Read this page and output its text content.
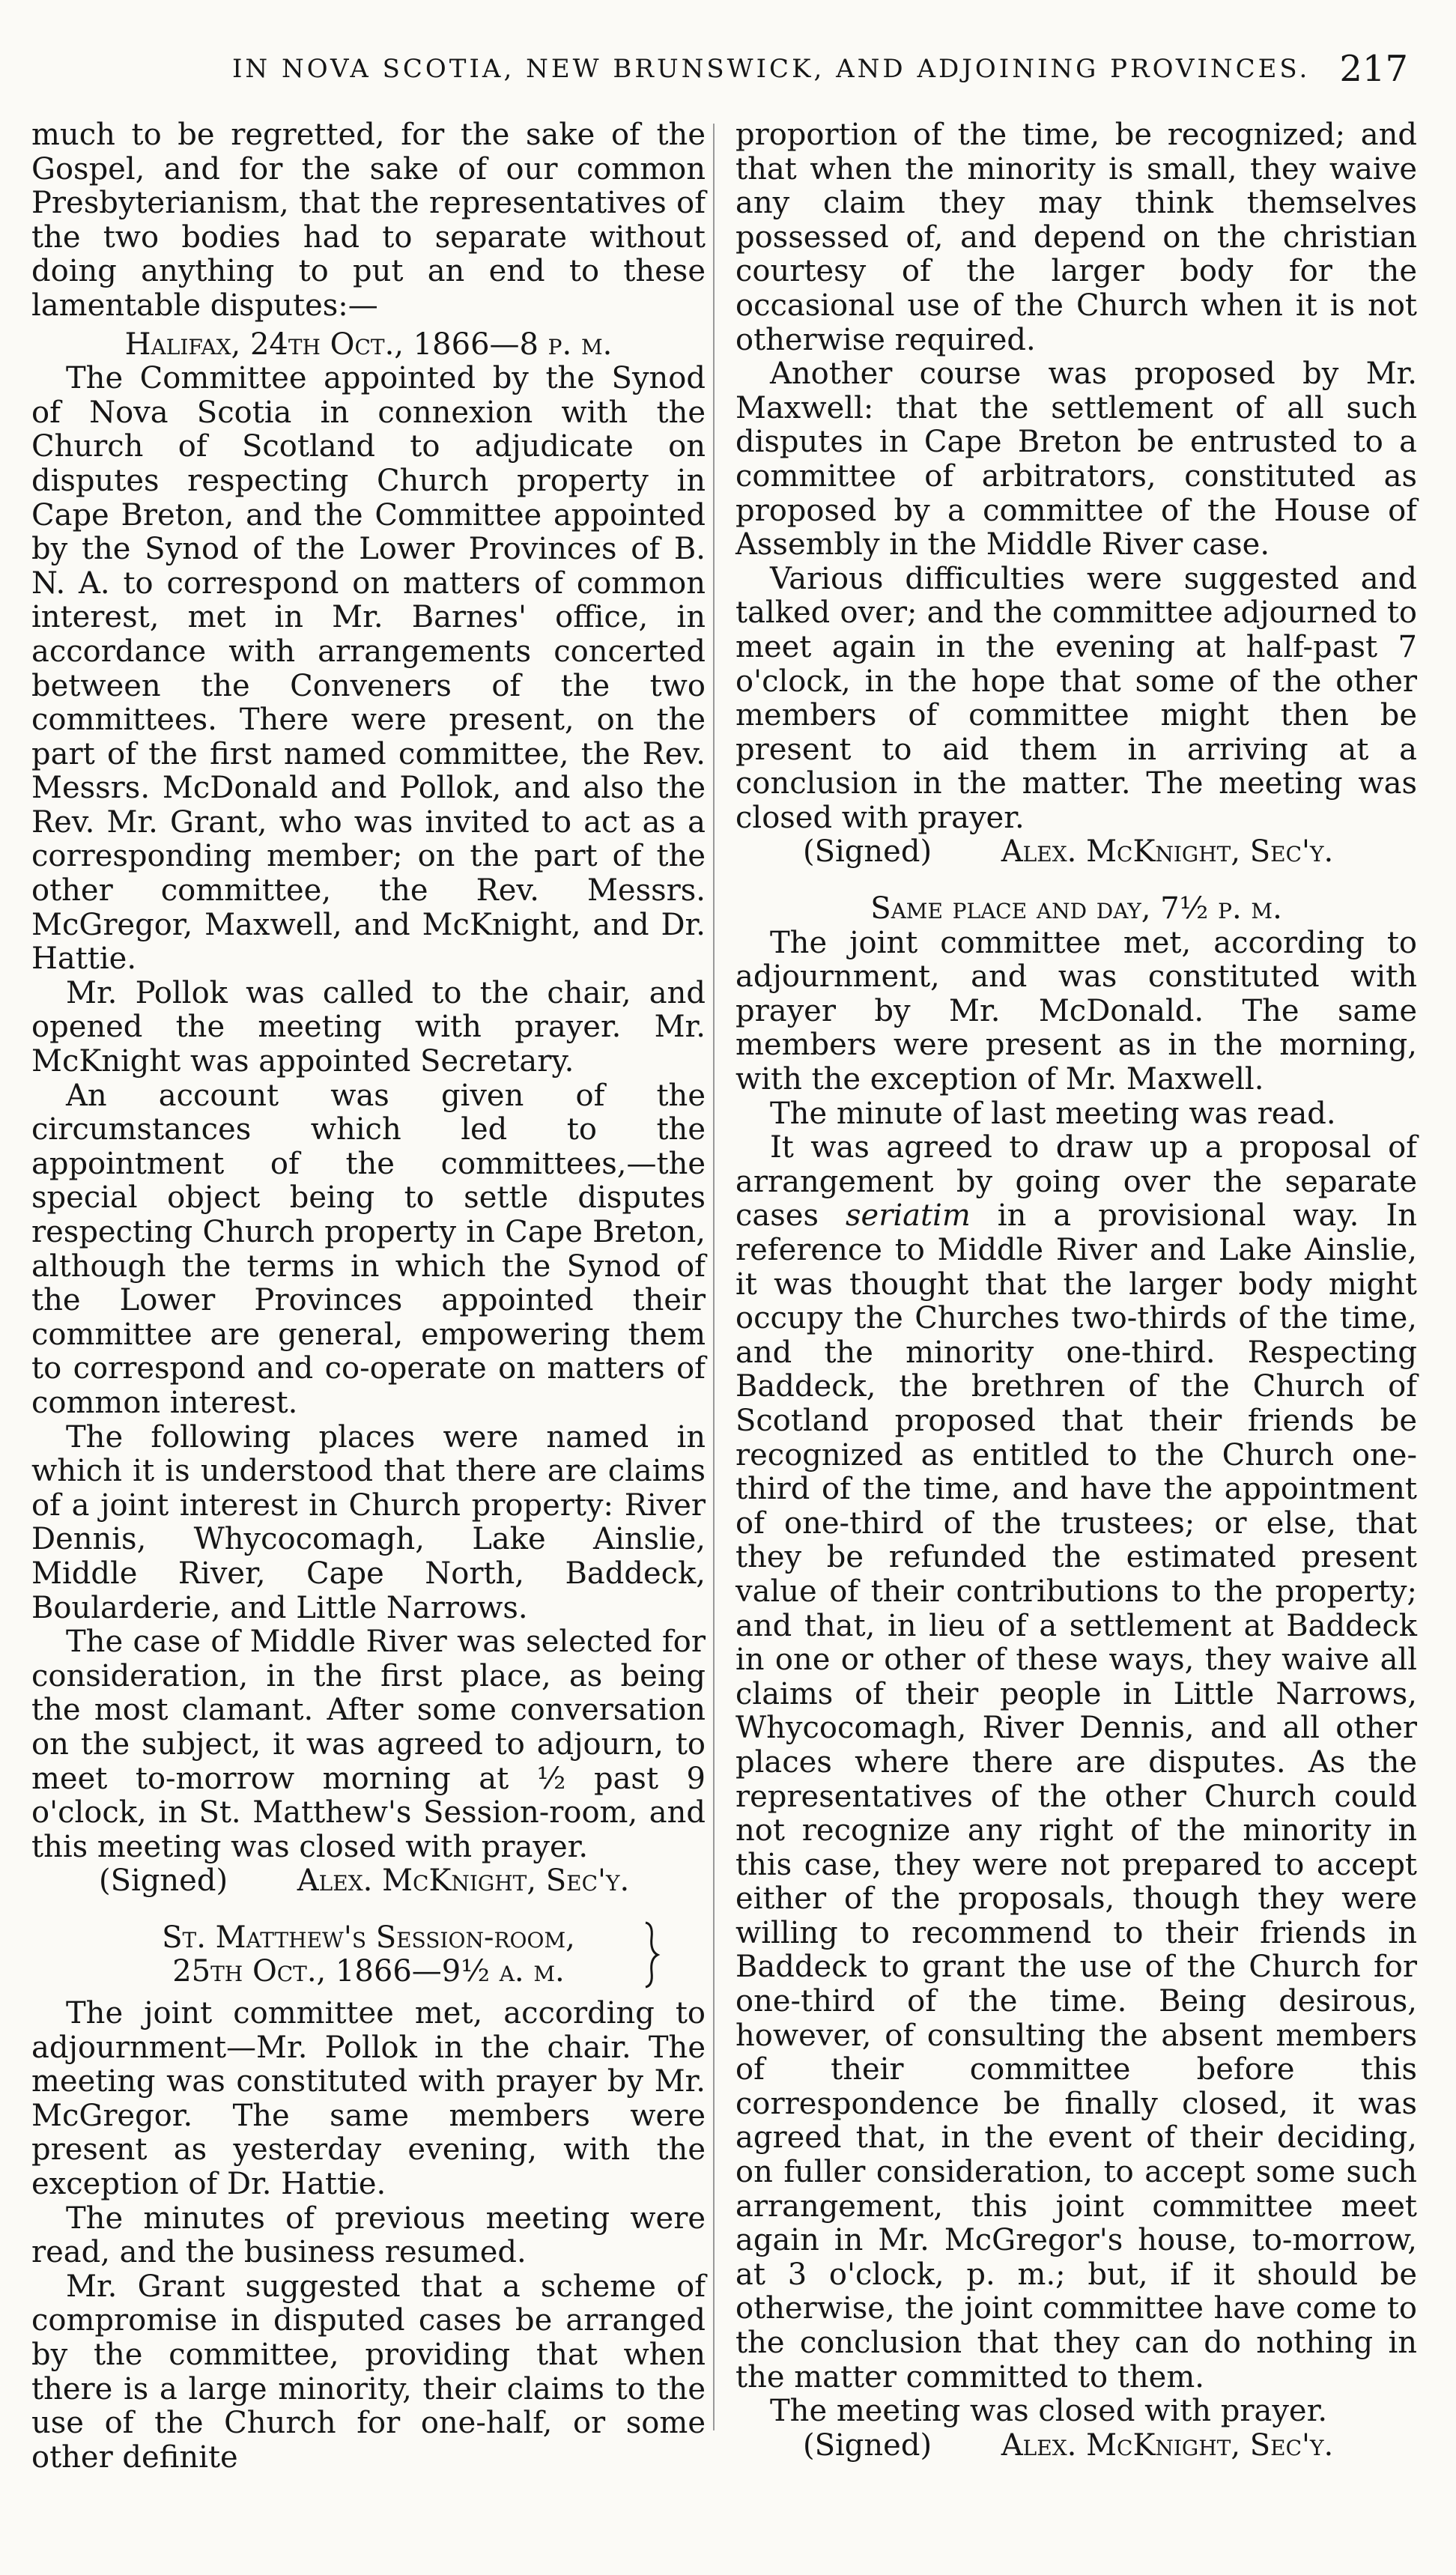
IN NOVA SCOTIA, NEW BRUNSWICK, AND ADJOINING PROVINCES. 217

much to be regretted, for the sake of the Gospel, and for the sake of our common Presbyterianism, that the representatives of the two bodies had to separate without doing anything to put an end to these lamentable disputes:—

Halifax, 24th Oct., 1866—8 p. m.

The Committee appointed by the Synod of Nova Scotia in connexion with the Church of Scotland to adjudicate on disputes respecting Church property in Cape Breton, and the Committee appointed by the Synod of the Lower Provinces of B. N. A. to correspond on matters of common interest, met in Mr. Barnes' office, in accordance with arrangements concerted between the Conveners of the two committees. There were present, on the part of the first named committee, the Rev. Messrs. McDonald and Pollok, and also the Rev. Mr. Grant, who was invited to act as a corresponding member; on the part of the other committee, the Rev. Messrs. McGregor, Maxwell, and McKnight, and Dr. Hattie.

Mr. Pollok was called to the chair, and opened the meeting with prayer. Mr. McKnight was appointed Secretary.

An account was given of the circumstances which led to the appointment of the committees,—the special object being to settle disputes respecting Church property in Cape Breton, although the terms in which the Synod of the Lower Provinces appointed their committee are general, empowering them to correspond and co-operate on matters of common interest.

The following places were named in which it is understood that there are claims of a joint interest in Church property: River Dennis, Whycocomagh, Lake Ainslie, Middle River, Cape North, Baddeck, Boularderie, and Little Narrows.

The case of Middle River was selected for consideration, in the first place, as being the most clamant. After some conversation on the subject, it was agreed to adjourn, to meet to-morrow morning at ½ past 9 o'clock, in St. Matthew's Session-room, and this meeting was closed with prayer.

(Signed) Alex. McKnight, Sec'y.

St. Matthew's Session-room,
25th Oct., 1866—9½ a. m.

The joint committee met, according to adjournment—Mr. Pollok in the chair. The meeting was constituted with prayer by Mr. McGregor. The same members were present as yesterday evening, with the exception of Dr. Hattie.

The minutes of previous meeting were read, and the business resumed.

Mr. Grant suggested that a scheme of compromise in disputed cases be arranged by the committee, providing that when there is a large minority, their claims to the use of the Church for one-half, or some other definite

proportion of the time, be recognized; and that when the minority is small, they waive any claim they may think themselves possessed of, and depend on the christian courtesy of the larger body for the occasional use of the Church when it is not otherwise required.

Another course was proposed by Mr. Maxwell: that the settlement of all such disputes in Cape Breton be entrusted to a committee of arbitrators, constituted as proposed by a committee of the House of Assembly in the Middle River case.

Various difficulties were suggested and talked over; and the committee adjourned to meet again in the evening at half-past 7 o'clock, in the hope that some of the other members of committee might then be present to aid them in arriving at a conclusion in the matter. The meeting was closed with prayer.

(Signed) Alex. McKnight, Sec'y.

Same place and day, 7½ p. m.

The joint committee met, according to adjournment, and was constituted with prayer by Mr. McDonald. The same members were present as in the morning, with the exception of Mr. Maxwell.

The minute of last meeting was read.

It was agreed to draw up a proposal of arrangement by going over the separate cases seriatim in a provisional way. In reference to Middle River and Lake Ainslie, it was thought that the larger body might occupy the Churches two-thirds of the time, and the minority one-third. Respecting Baddeck, the brethren of the Church of Scotland proposed that their friends be recognized as entitled to the Church one-third of the time, and have the appointment of one-third of the trustees; or else, that they be refunded the estimated present value of their contributions to the property; and that, in lieu of a settlement at Baddeck in one or other of these ways, they waive all claims of their people in Little Narrows, Whycocomagh, River Dennis, and all other places where there are disputes. As the representatives of the other Church could not recognize any right of the minority in this case, they were not prepared to accept either of the proposals, though they were willing to recommend to their friends in Baddeck to grant the use of the Church for one-third of the time. Being desirous, however, of consulting the absent members of their committee before this correspondence be finally closed, it was agreed that, in the event of their deciding, on fuller consideration, to accept some such arrangement, this joint committee meet again in Mr. McGregor's house, to-morrow, at 3 o'clock, p. m.; but, if it should be otherwise, the joint committee have come to the conclusion that they can do nothing in the matter committed to them.

The meeting was closed with prayer.

(Signed) Alex. McKnight, Sec'y.
